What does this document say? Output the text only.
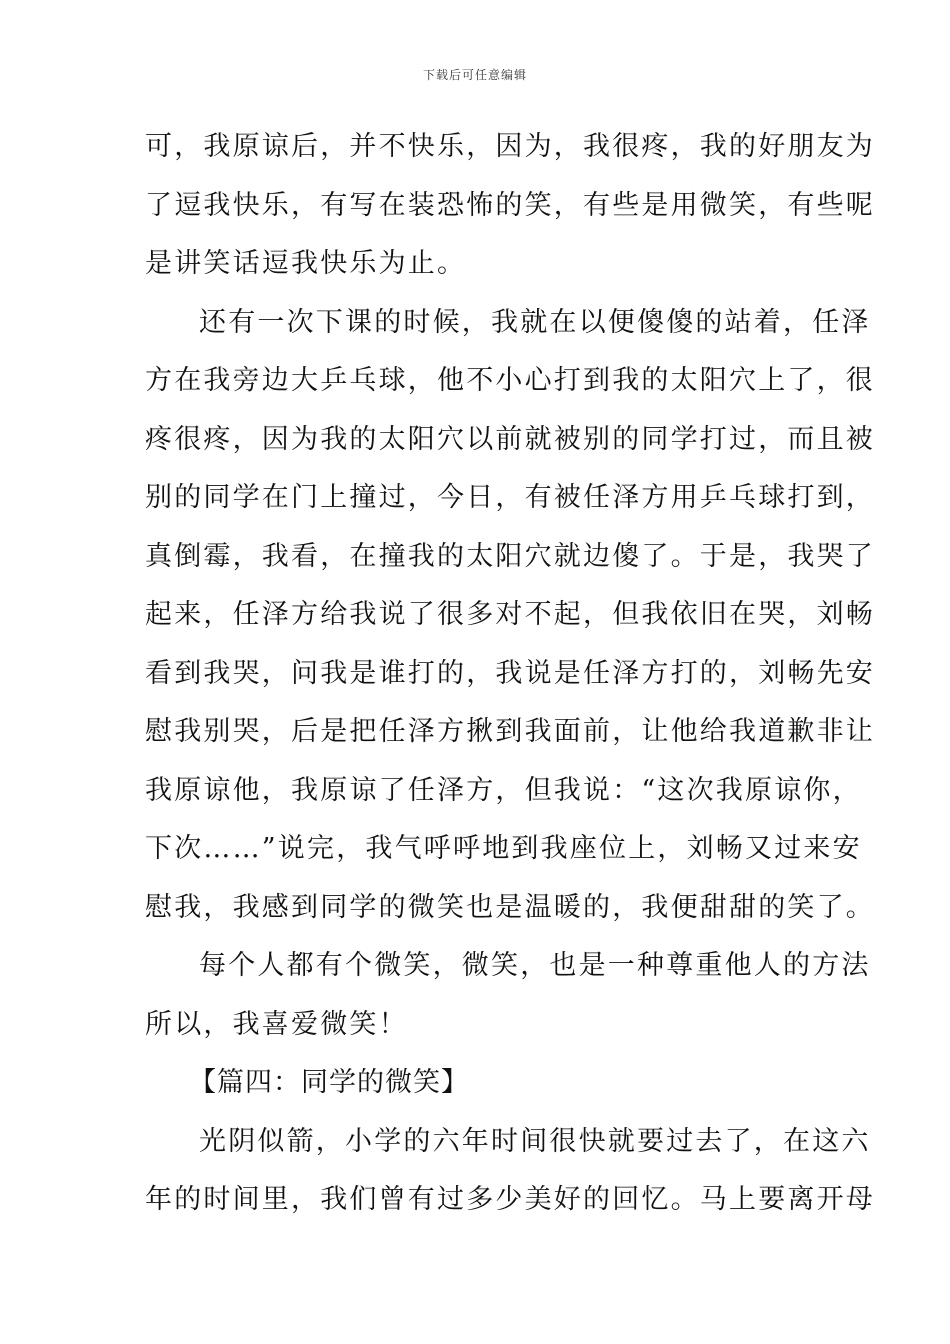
下载后可任意编辑
可，我原谅后，并不快乐，因为，我很疼，我的好朋友为
了逗我快乐，有写在装恐怖的笑，有些是用微笑，有些呢
是讲笑话逗我快乐为止。
还有一次下课的时候，我就在以便傻傻的站着，任泽
方在我旁边大乒乓球，他不小心打到我的太阳穴上了，很
疼很疼，因为我的太阳穴以前就被别的同学打过，而且被
别的同学在门上撞过，今日，有被任泽方用乒乓球打到，
真倒霉，我看，在撞我的太阳穴就边傻了。于是，我哭了
起来，任泽方给我说了很多对不起，但我依旧在哭，刘畅
看到我哭，问我是谁打的，我说是任泽方打的，刘畅先安
慰我别哭，后是把任泽方揪到我面前，让他给我道歉非让
我原谅他，我原谅了任泽方，但我说：“这次我原谅你，
下次……”说完，我气呼呼地到我座位上，刘畅又过来安
慰我，我感到同学的微笑也是温暖的，我便甜甜的笑了。
每个人都有个微笑，微笑，也是一种尊重他人的方法
所以，我喜爱微笑！
【篇四：同学的微笑】
光阴似箭，小学的六年时间很快就要过去了，在这六
年的时间里，我们曾有过多少美好的回忆。马上要离开母
